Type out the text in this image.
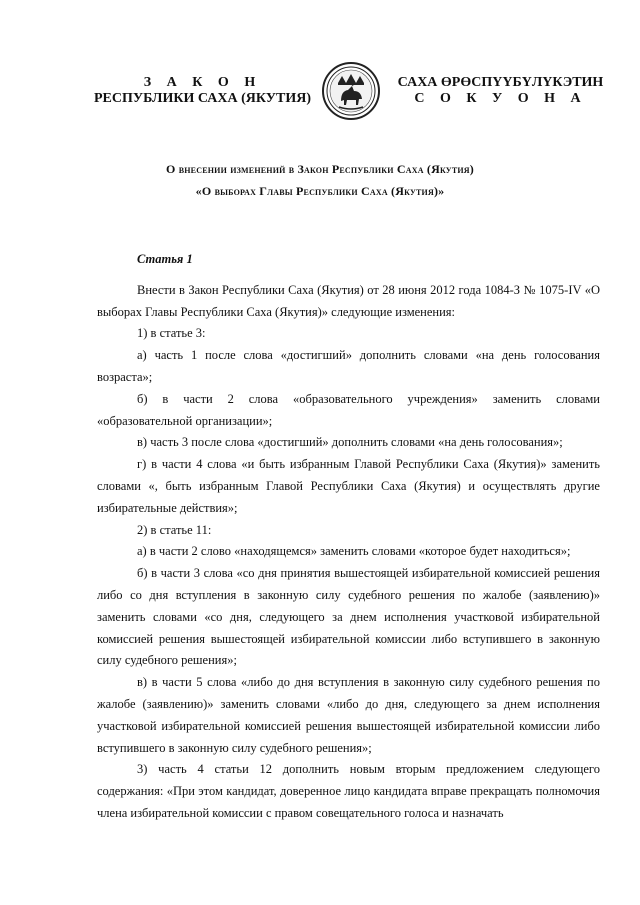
З А К О Н
РЕСПУБЛИКИ САХА (ЯКУТИЯ)
САХА ӨРӨСПҮҮБҮЛҮКЭТИН
С О К У О Н А
О внесении изменений в Закон Республики Саха (Якутия)
«О выборах Главы Республики Саха (Якутия)»

Статья 1

Внести в Закон Республики Саха (Якутия) от 28 июня 2012 года 1084-З № 1075-IV «О выборах Главы Республики Саха (Якутия)» следующие изменения:

1) в статье 3:

а) часть 1 после слова «достигший» дополнить словами «на день голосования возраста»;

б) в части 2 слова «образовательного учреждения» заменить словами «образовательной организации»;

в) часть 3 после слова «достигший» дополнить словами «на день голосования»;

г) в части 4 слова «и быть избранным Главой Республики Саха (Якутия)» заменить словами «, быть избранным Главой Республики Саха (Якутия) и осуществлять другие избирательные действия»;

2) в статье 11:

а) в части 2 слово «находящемся» заменить словами «которое будет находиться»;

б) в части 3 слова «со дня принятия вышестоящей избирательной комиссией решения либо со дня вступления в законную силу судебного решения по жалобе (заявлению)» заменить словами «со дня, следующего за днем исполнения участковой избирательной комиссией решения вышестоящей избирательной комиссии либо вступившего в законную силу судебного решения»;

в) в части 5 слова «либо до дня вступления в законную силу судебного решения по жалобе (заявлению)» заменить словами «либо до дня, следующего за днем исполнения участковой избирательной комиссией решения вышестоящей избирательной комиссии либо вступившего в законную силу судебного решения»;

3) часть 4 статьи 12 дополнить новым вторым предложением следующего содержания: «При этом кандидат, доверенное лицо кандидата вправе прекращать полномочия члена избирательной комиссии с правом совещательного голоса и назначать
